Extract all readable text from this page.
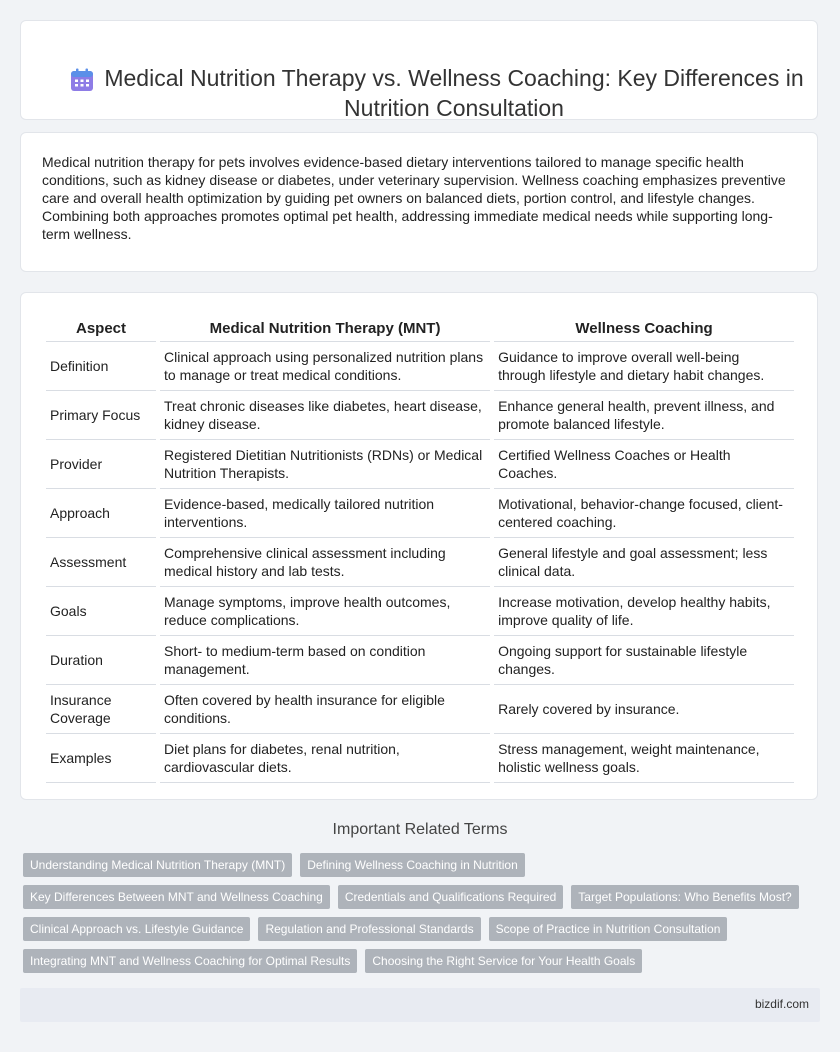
Medical Nutrition Therapy vs. Wellness Coaching: Key Differences in Nutrition Consultation

Medical nutrition therapy for pets involves evidence-based dietary interventions tailored to manage specific health conditions, such as kidney disease or diabetes, under veterinary supervision. Wellness coaching emphasizes preventive care and overall health optimization by guiding pet owners on balanced diets, portion control, and lifestyle changes. Combining both approaches promotes optimal pet health, addressing immediate medical needs while supporting long-term wellness.

Aspect	Medical Nutrition Therapy (MNT)	Wellness Coaching
Definition	Clinical approach using personalized nutrition plans to manage or treat medical conditions.	Guidance to improve overall well-being through lifestyle and dietary habit changes.
Primary Focus	Treat chronic diseases like diabetes, heart disease, kidney disease.	Enhance general health, prevent illness, and promote balanced lifestyle.
Provider	Registered Dietitian Nutritionists (RDNs) or Medical Nutrition Therapists.	Certified Wellness Coaches or Health Coaches.
Approach	Evidence-based, medically tailored nutrition interventions.	Motivational, behavior-change focused, client-centered coaching.
Assessment	Comprehensive clinical assessment including medical history and lab tests.	General lifestyle and goal assessment; less clinical data.
Goals	Manage symptoms, improve health outcomes, reduce complications.	Increase motivation, develop healthy habits, improve quality of life.
Duration	Short- to medium-term based on condition management.	Ongoing support for sustainable lifestyle changes.
Insurance Coverage	Often covered by health insurance for eligible conditions.	Rarely covered by insurance.
Examples	Diet plans for diabetes, renal nutrition, cardiovascular diets.	Stress management, weight maintenance, holistic wellness goals.
Important Related Terms
Understanding Medical Nutrition Therapy (MNT) Defining Wellness Coaching in Nutrition
Key Differences Between MNT and Wellness Coaching Credentials and Qualifications Required Target Populations: Who Benefits Most?
Clinical Approach vs. Lifestyle Guidance Regulation and Professional Standards Scope of Practice in Nutrition Consultation
Integrating MNT and Wellness Coaching for Optimal Results Choosing the Right Service for Your Health Goals
bizdif.com
